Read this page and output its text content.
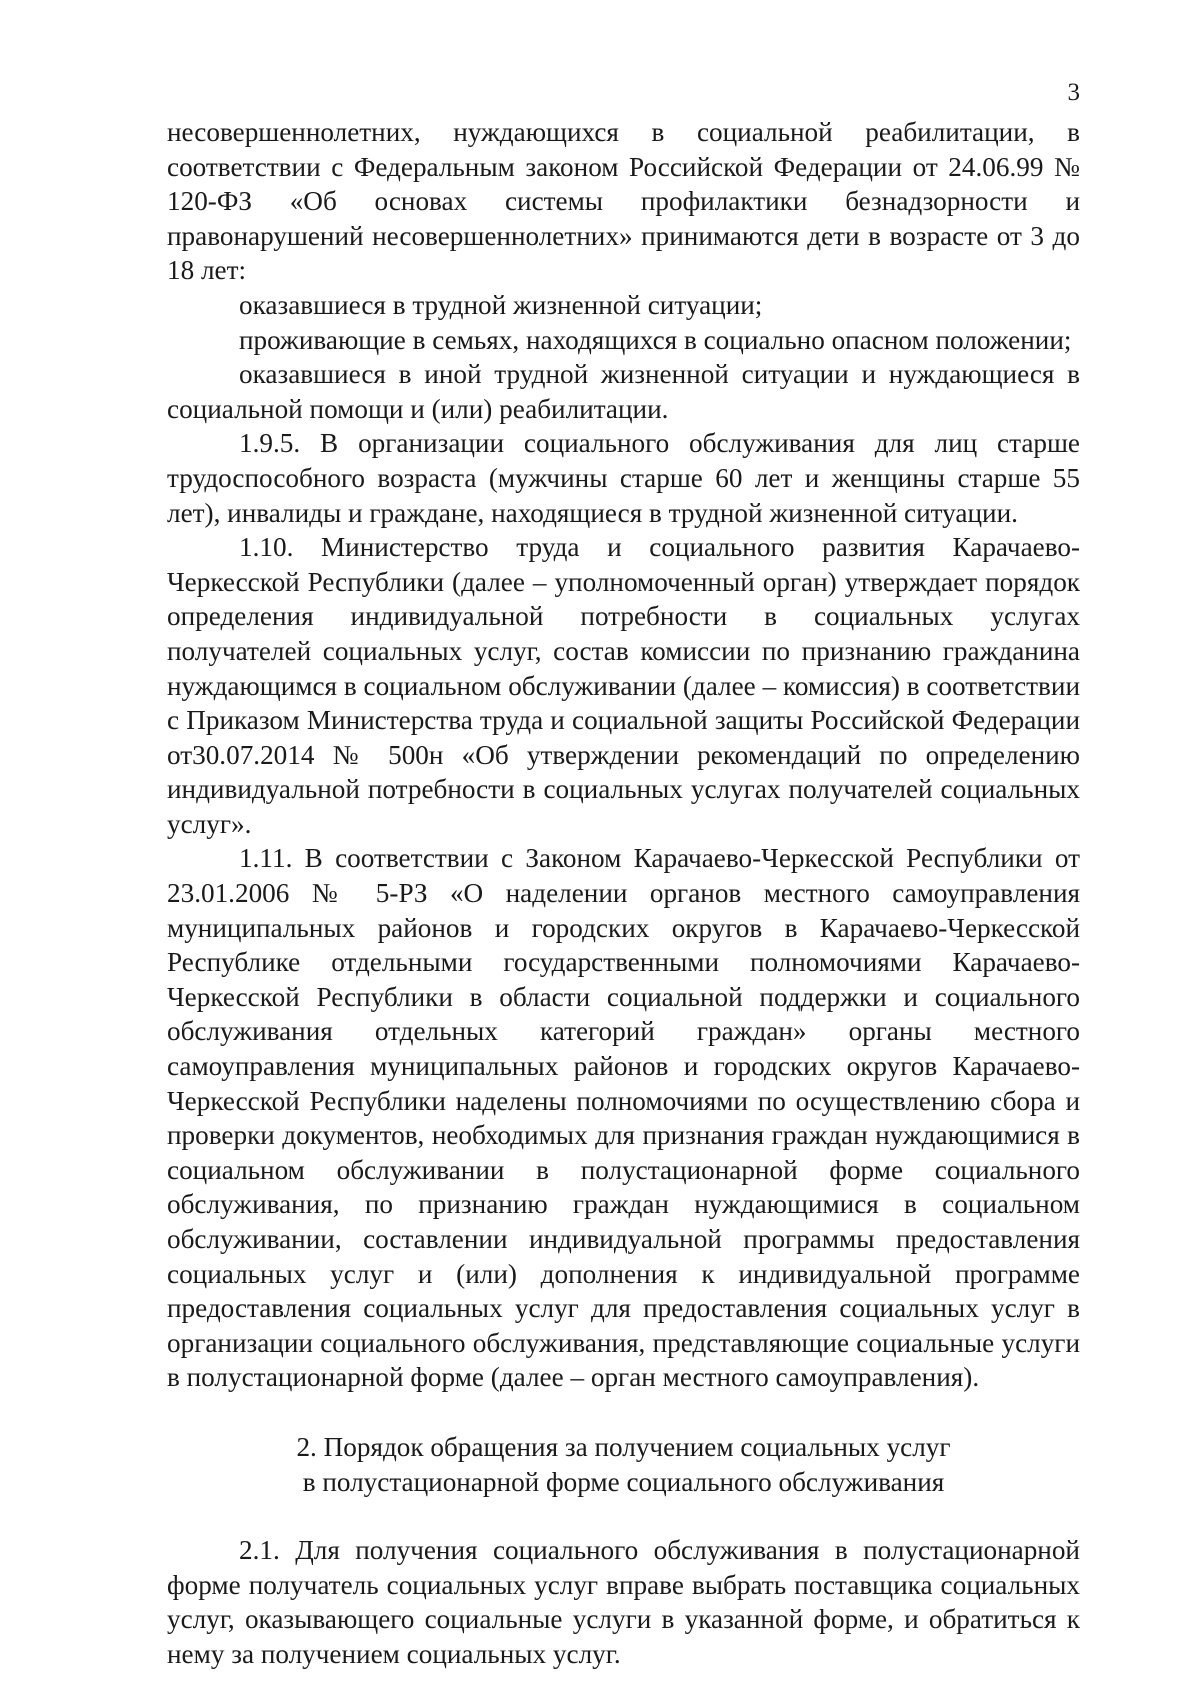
3

несовершеннолетних, нуждающихся в социальной реабилитации, в соответствии с Федеральным законом Российской Федерации от 24.06.99 № 120-ФЗ «Об основах системы профилактики безнадзорности и правонарушений несовершеннолетних» принимаются дети в возрасте от 3 до 18 лет:

оказавшиеся в трудной жизненной ситуации;

проживающие в семьях, находящихся в социально опасном положении;

оказавшиеся в иной трудной жизненной ситуации и нуждающиеся в социальной помощи и (или) реабилитации.

1.9.5. В организации социального обслуживания для лиц старше трудоспособного возраста (мужчины старше 60 лет и женщины старше 55 лет), инвалиды и граждане, находящиеся в трудной жизненной ситуации.

1.10. Министерство труда и социального развития Карачаево-Черкесской Республики (далее – уполномоченный орган) утверждает порядок определения индивидуальной потребности в социальных услугах получателей социальных услуг, состав комиссии по признанию гражданина нуждающимся в социальном обслуживании (далее – комиссия) в соответствии с Приказом Министерства труда и социальной защиты Российской Федерации от30.07.2014 № 500н «Об утверждении рекомендаций по определению индивидуальной потребности в социальных услугах получателей социальных услуг».

1.11. В соответствии с Законом Карачаево-Черкесской Республики от 23.01.2006 № 5-РЗ «О наделении органов местного самоуправления муниципальных районов и городских округов в Карачаево-Черкесской Республике отдельными государственными полномочиями Карачаево-Черкесской Республики в области социальной поддержки и социального обслуживания отдельных категорий граждан» органы местного самоуправления муниципальных районов и городских округов Карачаево-Черкесской Республики наделены полномочиями по осуществлению сбора и проверки документов, необходимых для признания граждан нуждающимися в социальном обслуживании в полустационарной форме социального обслуживания, по признанию граждан нуждающимися в социальном обслуживании, составлении индивидуальной программы предоставления социальных услуг и (или) дополнения к индивидуальной программе предоставления социальных услуг для предоставления социальных услуг в организации социального обслуживания, представляющие социальные услуги в полустационарной форме (далее – орган местного самоуправления).

2. Порядок обращения за получением социальных услуг
в полустационарной форме социального обслуживания

2.1. Для получения социального обслуживания в полустационарной форме получатель социальных услуг вправе выбрать поставщика социальных услуг, оказывающего социальные услуги в указанной форме, и обратиться к нему за получением социальных услуг.
